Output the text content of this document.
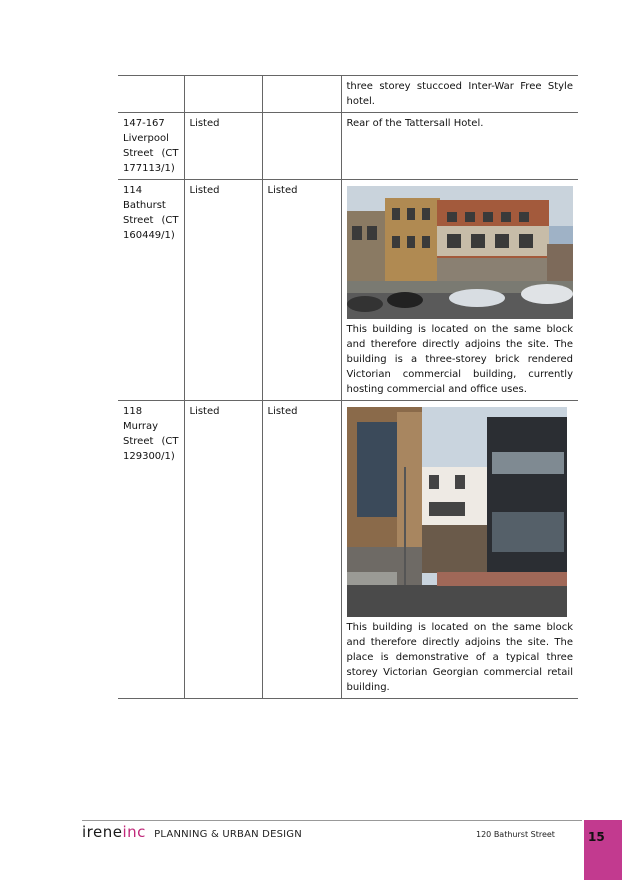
			three storey stuccoed Inter-War Free Style hotel.
147-167 Liverpool Street (CT 177113/1)	Listed		Rear of the Tattersall Hotel.
114 Bathurst Street (CT 160449/1)	Listed	Listed	This building is located on the same block and therefore directly adjoins the site. The building is a three-storey brick rendered Victorian commercial building, currently hosting commercial and office uses.
118 Murray Street (CT 129300/1)	Listed	Listed	This building is located on the same block and therefore directly adjoins the site. The place is demonstrative of a typical three storey Victorian Georgian commercial retail building.
ireneinc PLANNING & URBAN DESIGN	120 Bathurst Street	15
